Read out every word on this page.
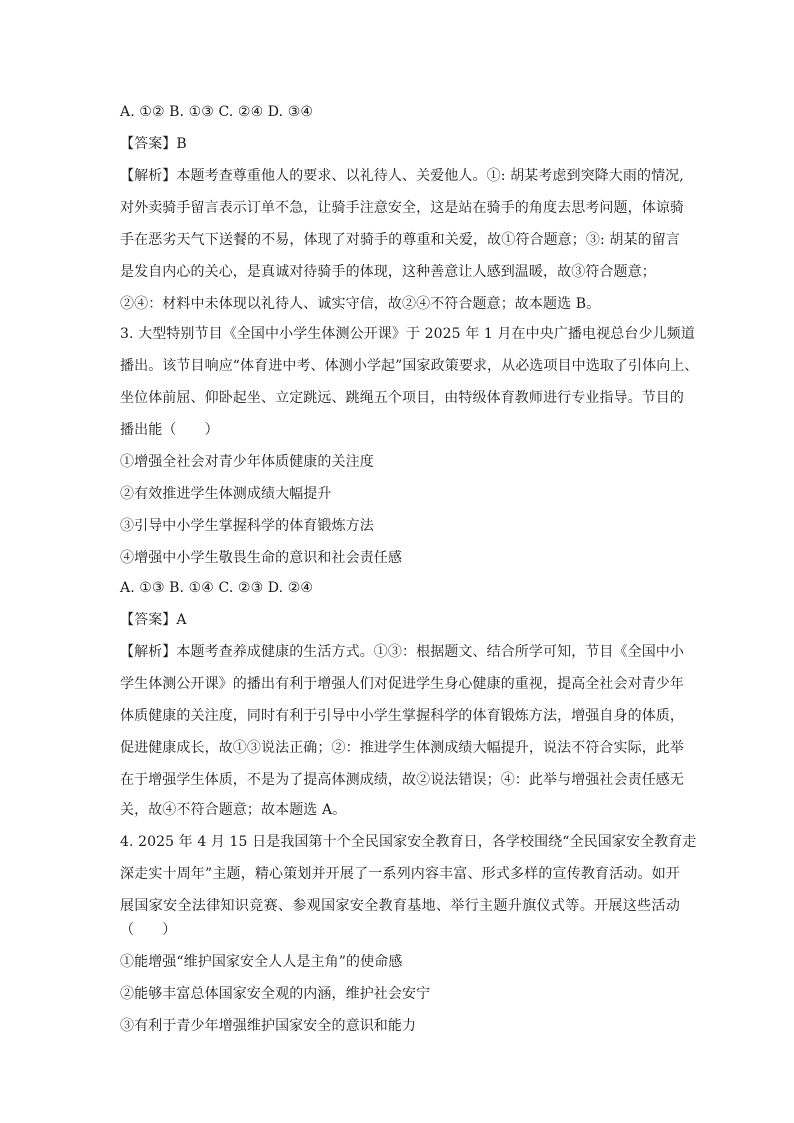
A. ①② B. ①③ C. ②④ D. ③④
【答案】B
【解析】本题考查尊重他人的要求、以礼待人、关爱他人。①: 胡某考虑到突降大雨的情况,
对外卖骑手留言表示订单不急，让骑手注意安全，这是站在骑手的角度去思考问题，体谅骑
手在恶劣天气下送餐的不易，体现了对骑手的尊重和关爱，故①符合题意；③: 胡某的留言
是发自内心的关心，是真诚对待骑手的体现，这种善意让人感到温暖，故③符合题意；
②④：材料中未体现以礼待人、诚实守信，故②④不符合题意；故本题选 B。
3. 大型特别节目《全国中小学生体测公开课》于 2025 年 1 月在中央广播电视总台少儿频道
播出。该节目响应“体育进中考、体测小学起”国家政策要求，从必选项目中选取了引体向上、
坐位体前屈、仰卧起坐、立定跳远、跳绳五个项目，由特级体育教师进行专业指导。节目的
播出能（　　）
①增强全社会对青少年体质健康的关注度
②有效推进学生体测成绩大幅提升
③引导中小学生掌握科学的体育锻炼方法
④增强中小学生敬畏生命的意识和社会责任感
A. ①③ B. ①④ C. ②③ D. ②④
【答案】A
【解析】本题考查养成健康的生活方式。①③：根据题文、结合所学可知，节目《全国中小
学生体测公开课》的播出有利于增强人们对促进学生身心健康的重视，提高全社会对青少年
体质健康的关注度，同时有利于引导中小学生掌握科学的体育锻炼方法，增强自身的体质，
促进健康成长，故①③说法正确；②：推进学生体测成绩大幅提升，说法不符合实际，此举
在于增强学生体质，不是为了提高体测成绩，故②说法错误；④：此举与增强社会责任感无
关，故④不符合题意；故本题选 A。
4. 2025 年 4 月 15 日是我国第十个全民国家安全教育日，各学校围绕“全民国家安全教育走
深走实十周年”主题，精心策划并开展了一系列内容丰富、形式多样的宣传教育活动。如开
展国家安全法律知识竞赛、参观国家安全教育基地、举行主题升旗仪式等。开展这些活动
（　　）
①能增强“维护国家安全人人是主角”的使命感
②能够丰富总体国家安全观的内涵，维护社会安宁
③有利于青少年增强维护国家安全的意识和能力
